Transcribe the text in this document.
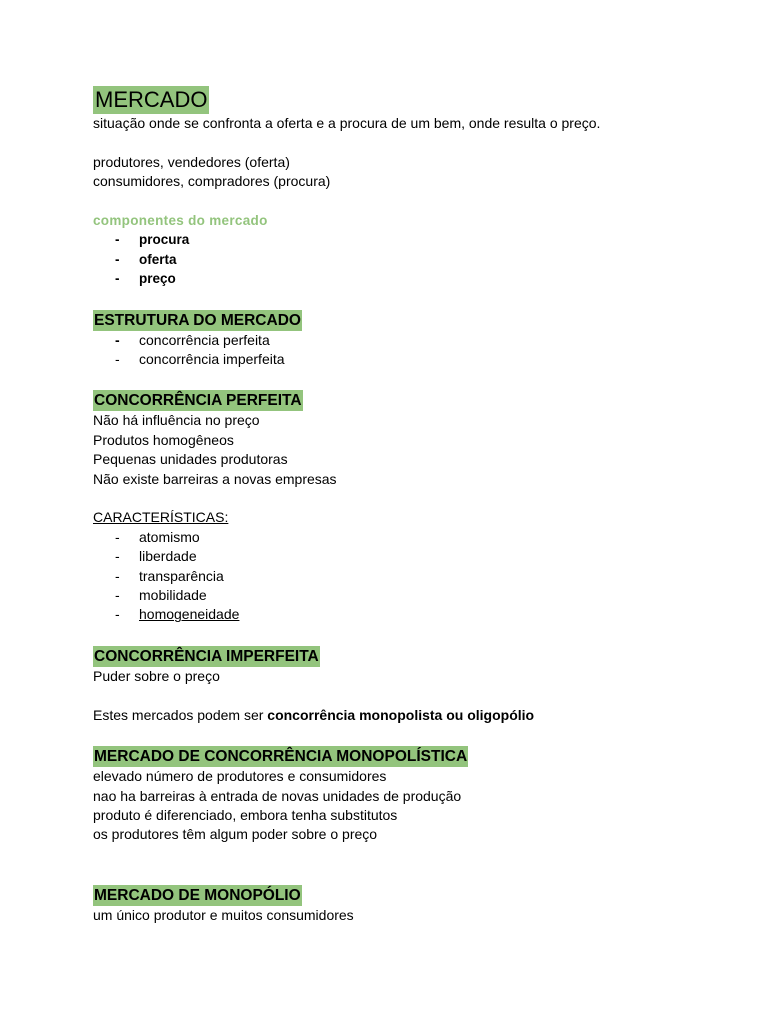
MERCADO
situação onde se confronta a oferta e a procura de um bem, onde resulta o preço.
produtores, vendedores (oferta)
consumidores, compradores (procura)
componentes do mercado
- procura
- oferta
- preço
ESTRUTURA DO MERCADO
- concorrência perfeita
- concorrência imperfeita
CONCORRÊNCIA PERFEITA
Não há influência no preço
Produtos homogêneos
Pequenas unidades produtoras
Não existe barreiras a novas empresas
CARACTERÍSTICAS:
- atomismo
- liberdade
- transparência
- mobilidade
- homogeneidade
CONCORRÊNCIA IMPERFEITA
Puder sobre o preço
Estes mercados podem ser concorrência monopolista ou oligopólio
MERCADO DE CONCORRÊNCIA MONOPOLÍSTICA
elevado número de produtores e consumidores
nao ha barreiras à entrada de novas unidades de produção
produto é diferenciado, embora tenha substitutos
os produtores têm algum poder sobre o preço
MERCADO DE MONOPÓLIO
um único produtor e muitos consumidores
